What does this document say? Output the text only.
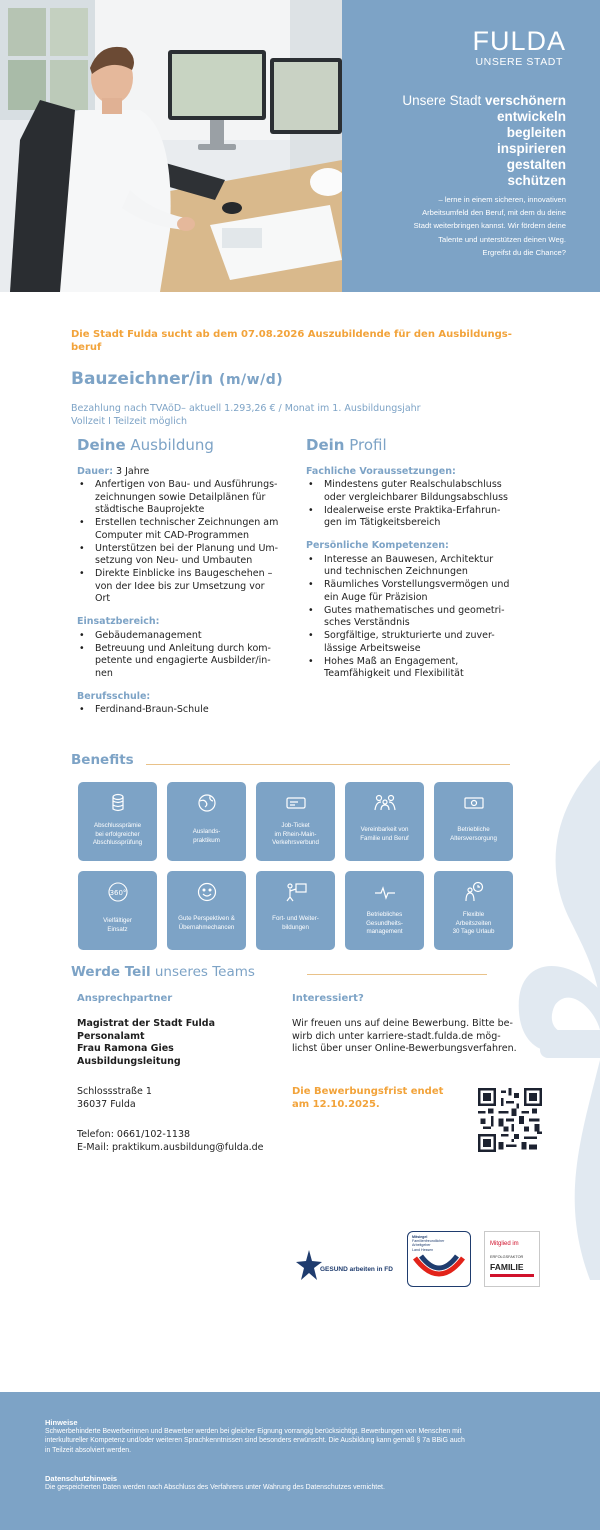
FULDA
UNSERE STADT
Unsere Stadt verschönern
entwickeln
begleiten
inspirieren
gestalten
schützen
– lerne in einem sicheren, innovativen
Arbeitsumfeld den Beruf, mit dem du deine
Stadt weiterbringen kannst. Wir fördern deine
Talente und unterstützen deinen Weg.
Ergreifst du die Chance?
Die Stadt Fulda sucht ab dem 07.08.2026 Auszubildende für den Ausbildungs-
beruf
Bauzeichner/in (m/w/d)
Bezahlung nach TVAöD– aktuell 1.293,26 € / Monat im 1. Ausbildungsjahr
Vollzeit I Teilzeit möglich
Deine Ausbildung
Dauer: 3 Jahre
• Anfertigen von Bau- und Ausführungs-
zeichnungen sowie Detailplänen für
städtische Bauprojekte
• Erstellen technischer Zeichnungen am
Computer mit CAD-Programmen
• Unterstützen bei der Planung und Um-
setzung von Neu- und Umbauten
• Direkte Einblicke ins Baugeschehen –
von der Idee bis zur Umsetzung vor
Ort
Einsatzbereich:
• Gebäudemanagement
• Betreuung und Anleitung durch kom-
petente und engagierte Ausbilder/in-
nen
Berufsschule:
• Ferdinand-Braun-Schule
Dein Profil
Fachliche Voraussetzungen:
• Mindestens guter Realschulabschluss
oder vergleichbarer Bildungsabschluss
• Idealerweise erste Praktika-Erfahrun-
gen im Tätigkeitsbereich
Persönliche Kompetenzen:
• Interesse an Bauwesen, Architektur
und technischen Zeichnungen
• Räumliches Vorstellungsvermögen und
ein Auge für Präzision
• Gutes mathematisches und geometri-
sches Verständnis
• Sorgfältige, strukturierte und zuver-
lässige Arbeitsweise
• Hohes Maß an Engagement,
Teamfähigkeit und Flexibilität
Benefits
Abschlussprämie
bei erfolgreicher
Abschlussprüfung
Auslands-
praktikum
Job-Ticket
im Rhein-Main-
Verkehrsverbund
Vereinbarkeit von
Familie und Beruf
Betriebliche
Altersversorgung
360°
Vielfältiger
Einsatz
Gute Perspektiven &
Übernahmechancen
Fort- und Weiter-
bildungen
Betriebliches
Gesundheits-
management
Flexible
Arbeitszeiten
30 Tage Urlaub
Werde Teil unseres Teams
Ansprechpartner
Magistrat der Stadt Fulda
Personalamt
Frau Ramona Gies
Ausbildungsleitung
Schlossstraße 1
36037 Fulda
Telefon: 0661/102-1138
E-Mail: praktikum.ausbildung@fulda.de
Interessiert?
Wir freuen uns auf deine Bewerbung. Bitte be-
wirb dich unter karriere-stadt.fulda.de mög-
lichst über unser Online-Bewerbungsverfahren.
Die Bewerbungsfrist endet
am 12.10.2025.
GESUND arbeiten in FD
Mitsiegel
Familienfreundlicher
Arbeitgeber
Land Hessen
Mitglied im
ERFOLGSFAKTOR
FAMILIE
Hinweise
Schwerbehinderte Bewerberinnen und Bewerber werden bei gleicher Eignung vorrangig berücksichtigt. Bewerbungen von Menschen mit
interkultureller Kompetenz und/oder weiteren Sprachkenntnissen sind besonders erwünscht. Die Ausbildung kann gemäß § 7a BBiG auch
in Teilzeit absolviert werden.
Datenschutzhinweis
Die gespeicherten Daten werden nach Abschluss des Verfahrens unter Wahrung des Datenschutzes vernichtet.
